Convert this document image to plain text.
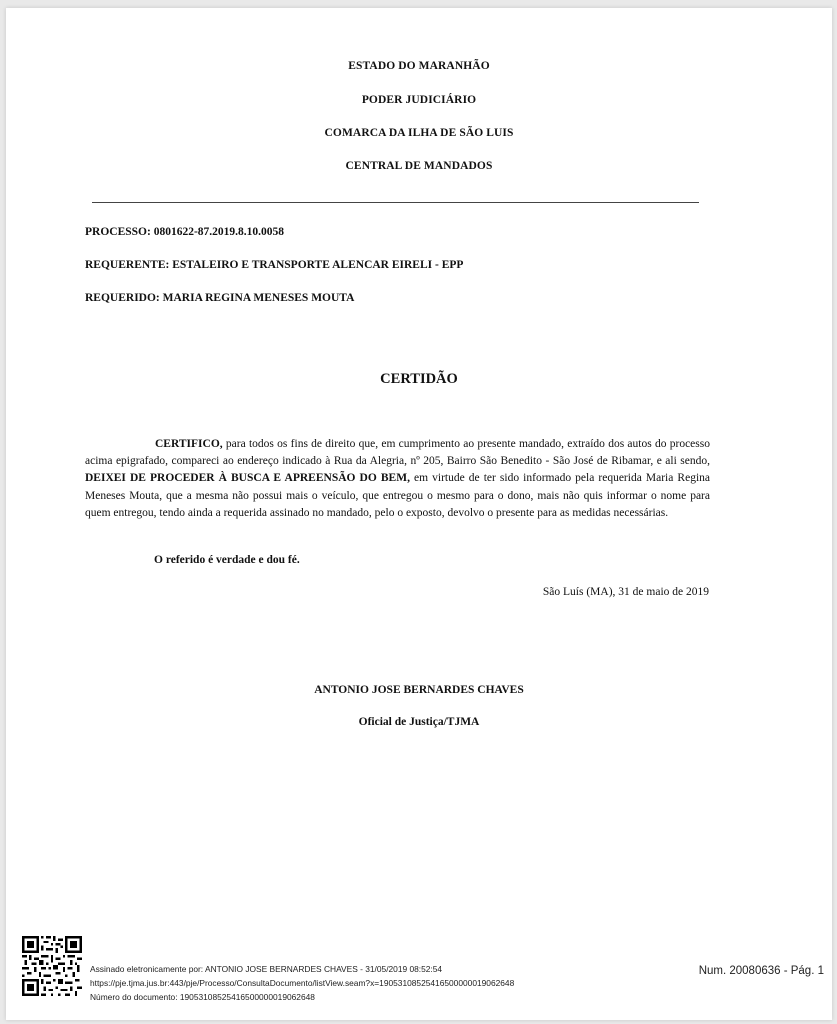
ESTADO DO MARANHÃO
PODER JUDICIÁRIO
COMARCA DA ILHA DE SÃO LUIS
CENTRAL DE MANDADOS
PROCESSO: 0801622-87.2019.8.10.0058
REQUERENTE: ESTALEIRO E TRANSPORTE ALENCAR EIRELI - EPP
REQUERIDO: MARIA REGINA MENESES MOUTA
CERTIDÃO
CERTIFICO, para todos os fins de direito que, em cumprimento ao presente mandado, extraído dos autos do processo acima epigrafado, compareci ao endereço indicado à Rua da Alegria, nº 205, Bairro São Benedito - São José de Ribamar, e ali sendo, DEIXEI DE PROCEDER À BUSCA E APREENSÃO DO BEM, em virtude de ter sido informado pela requerida Maria Regina Meneses Mouta, que a mesma não possui mais o veículo, que entregou o mesmo para o dono, mais não quis informar o nome para quem entregou, tendo ainda a requerida assinado no mandado, pelo o exposto, devolvo o presente para as medidas necessárias.
O referido é verdade e dou fé.
São Luís (MA), 31 de maio de 2019
ANTONIO JOSE BERNARDES CHAVES
Oficial de Justiça/TJMA
Assinado eletronicamente por: ANTONIO JOSE BERNARDES CHAVES - 31/05/2019 08:52:54
https://pje.tjma.jus.br:443/pje/Processo/ConsultaDocumento/listView.seam?x=19053108525416500000019062648
Número do documento: 19053108525416500000019062648
Num. 20080636 - Pág. 1
